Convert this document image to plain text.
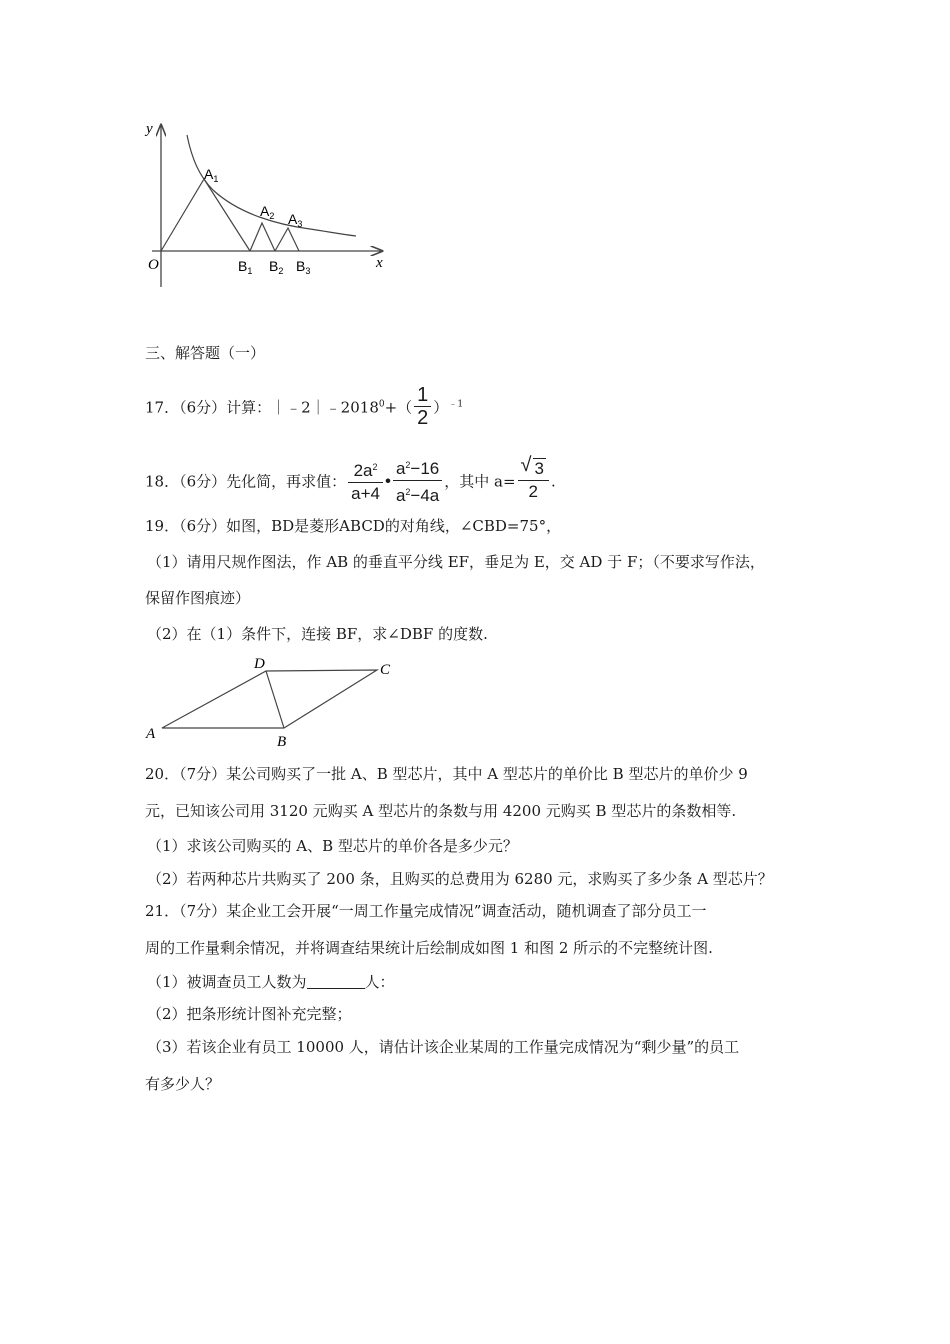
y
x
O
$A_1$
$A_2$ $A_3$
$B_1$ $B_2$ $B_3$
三、解答题（一）
17．（6分）计算：$|﹣2|﹣2018^0+( \frac{1}{2} )^{﹣1}$
18．（6分）先化简，再求值： $\frac{2a^2}{a+4}$ • $\frac{a^2-16}{a^2-4a}$ ，其中 $a= \frac{√ 3}{2}$ .
19．（6分）如图，BD是菱形ABCD的对角线，∠CBD=75°，
（1）请用尺规作图法，作 AB 的垂直平分线 EF，垂足为 E，交 AD 于 F；（不要求写作法，
保留作图痕迹）
（2）在（1）条件下，连接 BF，求∠DBF 的度数.
A	B
C
D
20．（7分）某公司购买了一批 A、B 型芯片，其中 A 型芯片的单价比 B 型芯片的单价少 9
元，已知该公司用 3120 元购买 A 型芯片的条数与用 4200 元购买 B 型芯片的条数相等.
（1）求该公司购买的 A、B 型芯片的单价各是多少元？
（2）若两种芯片共购买了 200 条，且购买的总费用为 6280 元，求购买了多少条 A 型芯片？
21．（7分）某企业工会开展“一周工作量完成情况”调查活动，随机调查了部分员工一
周的工作量剩余情况，并将调查结果统计后绘制成如图 1 和图 2 所示的不完整统计图.
（1）被调查员工人数为	人：
（2）把条形统计图补充完整；
（3）若该企业有员工 10000 人，请估计该企业某周的工作量完成情况为“剩少量”的员工
有多少人？
